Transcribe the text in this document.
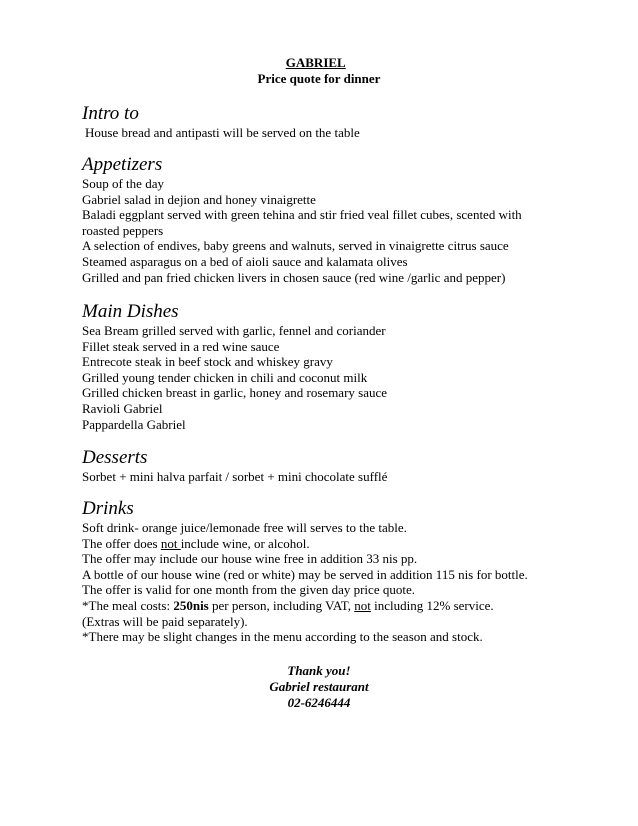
GABRIEL
Price quote for dinner
Intro to
House bread and antipasti will be served on the table
Appetizers
Soup of the day
Gabriel salad in dejion and honey vinaigrette
Baladi eggplant served with green tehina and stir fried veal fillet cubes, scented with
roasted peppers
A selection of endives, baby greens and walnuts, served in vinaigrette citrus sauce
Steamed asparagus on a bed of aioli sauce and kalamata olives
Grilled and pan fried chicken livers in chosen sauce (red wine /garlic and pepper)
Main Dishes
Sea Bream grilled served with garlic, fennel and coriander
Fillet steak served in a red wine sauce
Entrecote steak in beef stock and whiskey gravy
Grilled young tender chicken in chili and coconut milk
Grilled chicken breast in garlic, honey and rosemary sauce
Ravioli Gabriel
Pappardella Gabriel
Desserts
Sorbet + mini halva parfait / sorbet + mini chocolate sufflé
Drinks
Soft drink- orange juice/lemonade free will serves to the table.
The offer does not include wine, or alcohol.
The offer may include our house wine free in addition 33 nis pp.
A bottle of our house wine (red or white) may be served in addition 115 nis for bottle.
The offer is valid for one month from the given day price quote.
*The meal costs: 250nis per person, including VAT, not including 12% service.
(Extras will be paid separately).
*There may be slight changes in the menu according to the season and stock.
Thank you!
Gabriel restaurant
02-6246444
